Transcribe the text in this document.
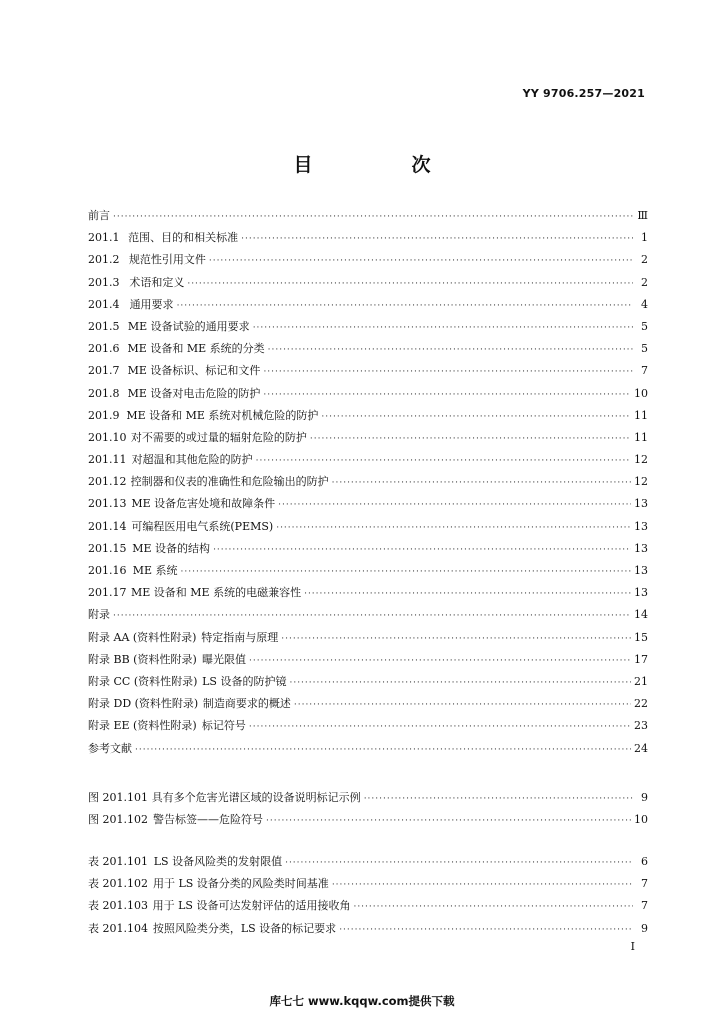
YY 9706.257—2021
目　次
前言 ·····	Ⅲ
201.1 范围、目的和相关标准 ·····	1
201.2 规范性引用文件 ·····	2
201.3 术语和定义 ·····	2
201.4 通用要求 ·····	4
201.5 ME 设备试验的通用要求 ·····	5
201.6 ME 设备和 ME 系统的分类 ·····	5
201.7 ME 设备标识、标记和文件 ·····	7
201.8 ME 设备对电击危险的防护 ·····	10
201.9 ME 设备和 ME 系统对机械危险的防护 ·····	11
201.10 对不需要的或过量的辐射危险的防护 ·····	11
201.11 对超温和其他危险的防护 ·····	12
201.12 控制器和仪表的准确性和危险输出的防护 ·····	12
201.13 ME 设备危害处境和故障条件 ·····	13
201.14 可编程医用电气系统(PEMS) ·····	13
201.15 ME 设备的结构 ·····	13
201.16 ME 系统 ·····	13
201.17 ME 设备和 ME 系统的电磁兼容性 ·····	13
附录 ·····	14
附录 AA (资料性附录) 特定指南与原理 ·····	15
附录 BB (资料性附录) 曝光限值 ·····	17
附录 CC (资料性附录) LS 设备的防护镜 ·····	21
附录 DD (资料性附录) 制造商要求的概述 ·····	22
附录 EE (资料性附录) 标记符号 ·····	23
参考文献 ·····	24
图 201.101 具有多个危害光谱区域的设备说明标记示例 ·····	9
图 201.102 警告标签——危险符号 ·····	10
表 201.101 LS 设备风险类的发射限值 ·····	6
表 201.102 用于 LS 设备分类的风险类时间基准 ·····	7
表 201.103 用于 LS 设备可达发射评估的适用接收角 ·····	7
表 201.104 按照风险类分类，LS 设备的标记要求 ·····	9
I
库七七 www.kqqw.com提供下载
